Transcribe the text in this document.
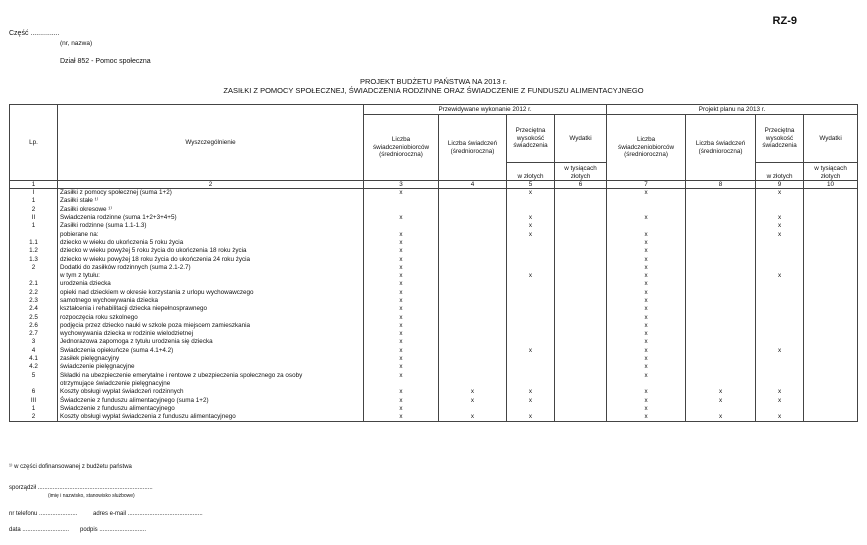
RZ-9
Część ...............
(nr, nazwa)
Dział 852 - Pomoc społeczna
PROJEKT BUDŻETU PAŃSTWA NA 2013 r.
ZASIŁKI Z POMOCY SPOŁECZNEJ, ŚWIADCZENIA RODZINNE ORAZ ŚWIADCZENIE Z FUNDUSZU ALIMENTACYJNEGO
Lp.	Wyszczególnienie	Przewidywane wykonanie 2012 r.				Projekt planu na 2013 r.			
		Liczba świadczeniobiorców (średnioroczna)	Liczba świadczeń (średnioroczna)	Przeciętna wysokość świadczenia	Wydatki	Liczba świadczeniobiorców (średnioroczna)	Liczba świadczeń (średnioroczna)	Przeciętna wysokość świadczenia	Wydatki
				w złotych	w tysiącach złotych			w złotych	w tysiącach złotych
1	2	3	4	5	6	7	8	9	10
I	Zasiłki z pomocy społecznej (suma 1+2)	x		x		x		x	
1	Zasiłki stałe ¹⁾								
2	Zasiłki okresowe ¹⁾								
II	Świadczenia rodzinne (suma 1+2+3+4+5)	x		x		x		x	
1	Zasiłki rodzinne (suma 1.1-1.3)			x				x	
	pobierane na:	x		x		x		x	
1.1	dziecko w wieku do ukończenia 5 roku życia	x				x			
1.2	dziecko w wieku powyżej 5 roku życia do ukończenia 18 roku życia	x				x			
1.3	dziecko w wieku powyżej 18 roku życia do ukończenia 24 roku życia	x				x			
2	Dodatki do zasiłków rodzinnych (suma 2.1-2.7)	x				x			
	w tym z tytułu:	x		x		x		x	
2.1	urodzenia dziecka	x				x			
2.2	opieki nad dzieckiem w okresie korzystania z urlopu wychowawczego	x				x			
2.3	samotnego wychowywania dziecka	x				x			
2.4	kształcenia i rehabilitacji dziecka niepełnosprawnego	x				x			
2.5	rozpoczęcia roku szkolnego	x				x			
2.6	podjęcia przez dziecko nauki w szkole poza miejscem zamieszkania	x				x			
2.7	wychowywania dziecka w rodzinie wielodzietnej	x				x			
3	Jednorazowa zapomoga z tytułu urodzenia się dziecka	x				x			
4	Świadczenia opiekuńcze (suma 4.1+4.2)	x		x		x		x	
4.1	zasiłek pielęgnacyjny	x				x			
4.2	świadczenie pielęgnacyjne	x				x			
5	Składki na ubezpieczenie emerytalne i rentowe z ubezpieczenia społecznego za osoby	x				x			
	otrzymujące świadczenie pielęgnacyjne								
6	Koszty obsługi wypłat świadczeń rodzinnych	x	x	x		x	x	x	
III	Świadczenie z funduszu alimentacyjnego (suma 1+2)	x	x	x		x	x	x	
1	Świadczenie z funduszu alimentacyjnego	x				x			
2	Koszty obsługi wypłat świadczenia z funduszu alimentacyjnego	x	x	x		x	x	x	
¹⁾ w części dofinansowanej z budżetu państwa
sporządził .....................................................................
(imię i nazwisko, stanowisko służbowe)
nr telefonu .......................	adres e-mail .............................................
data ............................ podpis ............................
